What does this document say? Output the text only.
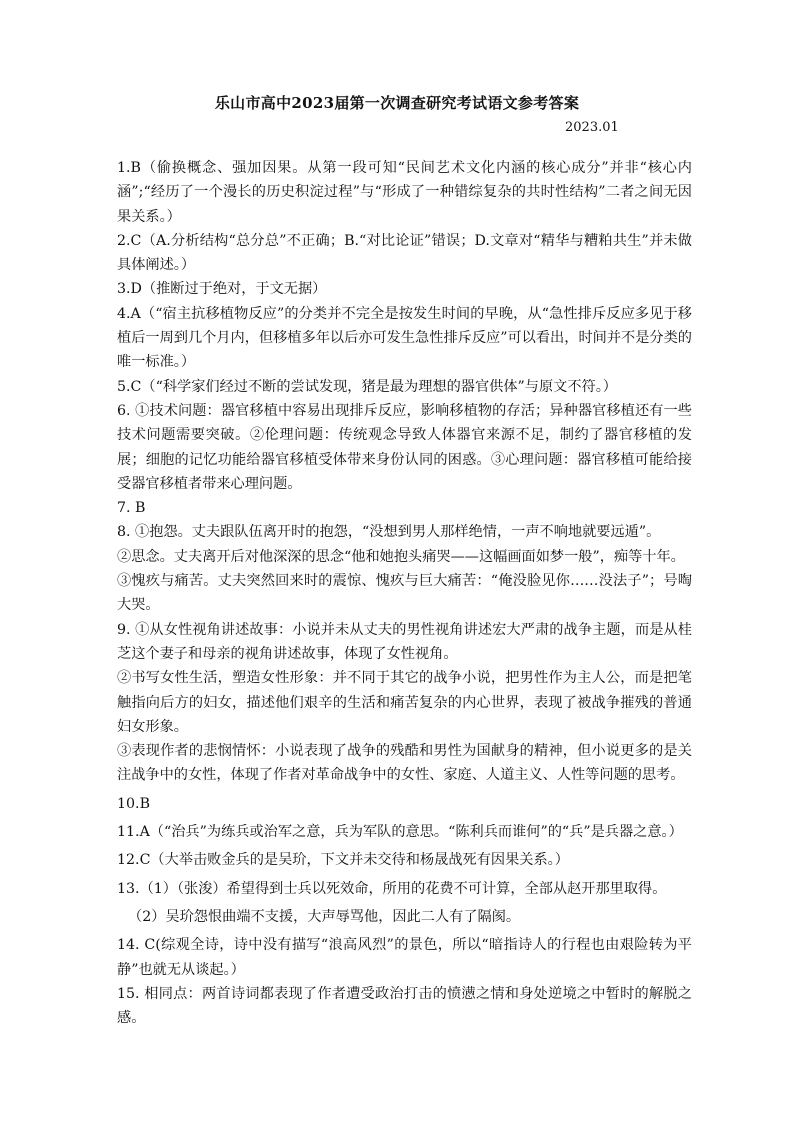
乐山市高中2023届第一次调查研究考试语文参考答案
2023.01

1.B（偷换概念、强加因果。从第一段可知“民间艺术文化内涵的核心成分”并非“核心内涵”;“经历了一个漫长的历史积淀过程”与“形成了一种错综复杂的共时性结构”二者之间无因果关系。）

2.C（A.分析结构“总分总”不正确；B.“对比论证”错误；D.文章对“精华与糟粕共生”并未做具体阐述。）

3.D（推断过于绝对，于文无据）

4.A（“宿主抗移植物反应”的分类并不完全是按发生时间的早晚，从“急性排斥反应多见于移植后一周到几个月内，但移植多年以后亦可发生急性排斥反应”可以看出，时间并不是分类的唯一标准。）

5.C（“科学家们经过不断的尝试发现，猪是最为理想的器官供体”与原文不符。）

6. ①技术问题：器官移植中容易出现排斥反应，影响移植物的存活；异种器官移植还有一些技术问题需要突破。②伦理问题：传统观念导致人体器官来源不足，制约了器官移植的发展；细胞的记忆功能给器官移植受体带来身份认同的困惑。③心理问题：器官移植可能给接受器官移植者带来心理问题。

7. B

8. ①抱怨。丈夫跟队伍离开时的抱怨，“没想到男人那样绝情，一声不响地就要远遁”。

②思念。丈夫离开后对他深深的思念“他和她抱头痛哭——这幅画面如梦一般”，痴等十年。

③愧疚与痛苦。丈夫突然回来时的震惊、愧疚与巨大痛苦：“俺没脸见你……没法子”；号啕大哭。

9. ①从女性视角讲述故事：小说并未从丈夫的男性视角讲述宏大严肃的战争主题，而是从桂芝这个妻子和母亲的视角讲述故事，体现了女性视角。

②书写女性生活，塑造女性形象：并不同于其它的战争小说，把男性作为主人公，而是把笔触指向后方的妇女，描述他们艰辛的生活和痛苦复杂的内心世界，表现了被战争摧残的普通妇女形象。

③表现作者的悲悯情怀：小说表现了战争的残酷和男性为国献身的精神，但小说更多的是关注战争中的女性，体现了作者对革命战争中的女性、家庭、人道主义、人性等问题的思考。

10.B

11.A（“治兵”为练兵或治军之意，兵为军队的意思。“陈利兵而谁何”的“兵”是兵器之意。）

12.C（大举击败金兵的是吴玠，下文并未交待和杨晟战死有因果关系。）

13.（1）（张浚）希望得到士兵以死效命，所用的花费不可计算，全部从赵开那里取得。

（2）吴玠怨恨曲端不支援，大声辱骂他，因此二人有了隔阂。

14. C(综观全诗，诗中没有描写“浪高风烈”的景色，所以“暗指诗人的行程也由艰险转为平静”也就无从谈起。）

15. 相同点：两首诗词都表现了作者遭受政治打击的愤懑之情和身处逆境之中暂时的解脱之感。
